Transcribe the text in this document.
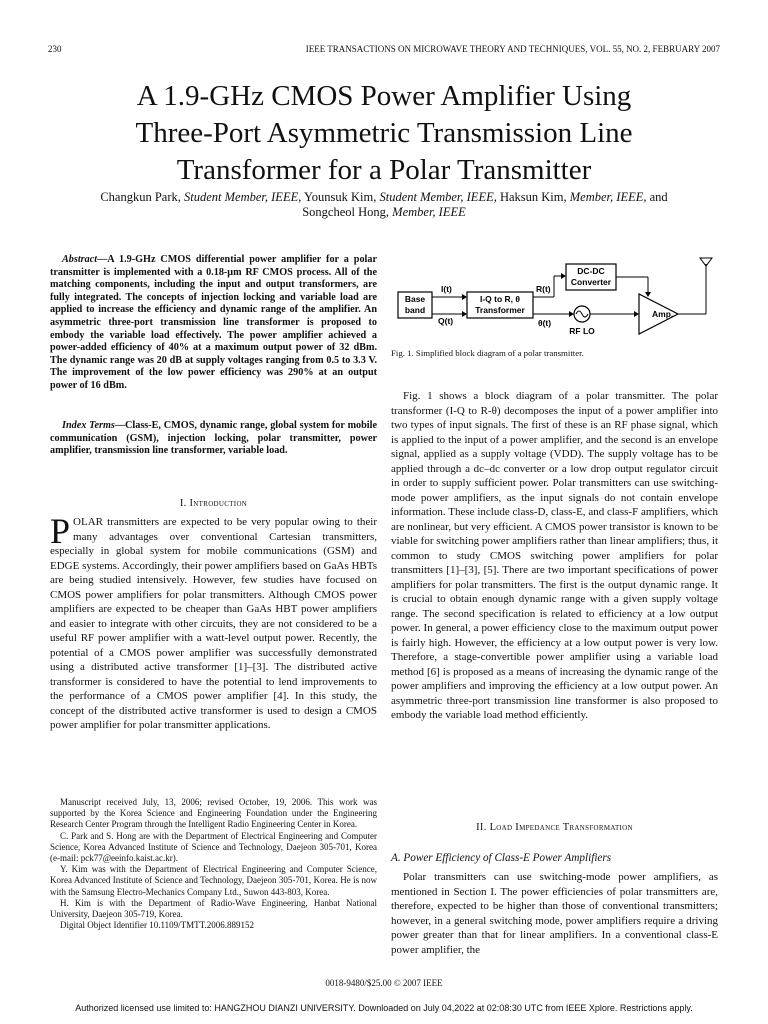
230	IEEE TRANSACTIONS ON MICROWAVE THEORY AND TECHNIQUES, VOL. 55, NO. 2, FEBRUARY 2007
A 1.9-GHz CMOS Power Amplifier Using
Three-Port Asymmetric Transmission Line
Transformer for a Polar Transmitter
Changkun Park, Student Member, IEEE, Younsuk Kim, Student Member, IEEE, Haksun Kim, Member, IEEE, and
Songcheol Hong, Member, IEEE
Abstract—A 1.9-GHz CMOS differential power amplifier for a polar transmitter is implemented with a 0.18-μm RF CMOS process. All of the matching components, including the input and output transformers, are fully integrated. The concepts of injection locking and variable load are applied to increase the efficiency and dynamic range of the amplifier. An asymmetric three-port transmission line transformer is proposed to embody the variable load effectively. The power amplifier achieved a power-added efficiency of 40% at a maximum output power of 32 dBm. The dynamic range was 20 dB at supply voltages ranging from 0.5 to 3.3 V. The improvement of the low power efficiency was 290% at an output power of 16 dBm.
Index Terms—Class-E, CMOS, dynamic range, global system for mobile communication (GSM), injection locking, polar transmitter, power amplifier, transmission line transformer, variable load.
I. Introduction
POLAR transmitters are expected to be very popular owing to their many advantages over conventional Cartesian transmitters, especially in global system for mobile communications (GSM) and EDGE systems. Accordingly, their power amplifiers based on GaAs HBTs are being studied intensively. However, few studies have focused on CMOS power amplifiers for polar transmitters. Although CMOS power amplifiers are expected to be cheaper than GaAs HBT power amplifiers and easier to integrate with other circuits, they are not considered to be a useful RF power amplifier with a watt-level output power. Recently, the potential of a CMOS power amplifier was successfully demonstrated using a distributed active transformer [1]–[3]. The distributed active transformer is considered to have the potential to lend improvements to the performance of a CMOS power amplifier [4]. In this study, the concept of the distributed active transformer is used to design a CMOS power amplifier for polar transmitter applications.

Manuscript received July, 13, 2006; revised October, 19, 2006. This work was supported by the Korea Science and Engineering Foundation under the Engineering Research Center Program through the Intelligent Radio Engineering Center in Korea.

C. Park and S. Hong are with the Department of Electrical Engineering and Computer Science, Korea Advanced Institute of Science and Technology, Daejeon 305-701, Korea (e-mail: pck77@eeinfo.kaist.ac.kr).

Y. Kim was with the Department of Electrical Engineering and Computer Science, Korea Advanced Institute of Science and Technology, Daejeon 305-701, Korea. He is now with the Samsung Electro-Mechanics Company Ltd., Suwon 443-803, Korea.

H. Kim is with the Department of Radio-Wave Engineering, Hanbat National University, Daejeon 305-719, Korea.

Digital Object Identifier 10.1109/TMTT.2006.889152

Base
band
I(t)
Q(t)
I-Q to R, θ
Transformer
R(t)
DC-DC
Converter
θ(t)
RF LO
Amp.
Fig. 1. Simplified block diagram of a polar transmitter.

Fig. 1 shows a block diagram of a polar transmitter. The polar transformer (I-Q to R-θ) decomposes the input of a power amplifier into two types of input signals. The first of these is an RF phase signal, which is applied to the input of a power amplifier, and the second is an envelope signal, applied as a supply voltage (VDD). The supply voltage has to be applied through a dc–dc converter or a low drop output regulator circuit in order to supply sufficient power. Polar transmitters can use switching-mode power amplifiers, as the input signals do not contain envelope information. These include class-D, class-E, and class-F amplifiers, which are nonlinear, but very efficient. A CMOS power transistor is known to be viable for switching power amplifiers rather than linear amplifiers; thus, it common to study CMOS switching power amplifiers for polar transmitters [1]–[3], [5]. There are two important specifications of power amplifiers for polar transmitters. The first is the output dynamic range. It is crucial to obtain enough dynamic range with a given supply voltage range. The second specification is related to efficiency at a low output power. In general, a power efficiency close to the maximum output power is fairly high. However, the efficiency at a low output power is very low. Therefore, a stage-convertible power amplifier using a variable load method [6] is proposed as a means of increasing the dynamic range of the power amplifiers and improving the efficiency at a low output power. An asymmetric three-port transmission line transformer is also proposed to embody the variable load method efficiently.

II. Load Impedance Transformation
A. Power Efficiency of Class-E Power Amplifiers

Polar transmitters can use switching-mode power amplifiers, as mentioned in Section I. The power efficiencies of polar transmitters are, therefore, expected to be higher than those of conventional transmitters; however, in a general switching mode, power amplifiers require a driving power greater than that for linear amplifiers. In a conventional class-E power amplifier, the

0018-9480/$25.00 © 2007 IEEE
Authorized licensed use limited to: HANGZHOU DIANZI UNIVERSITY. Downloaded on July 04,2022 at 02:08:30 UTC from IEEE Xplore. Restrictions apply.
